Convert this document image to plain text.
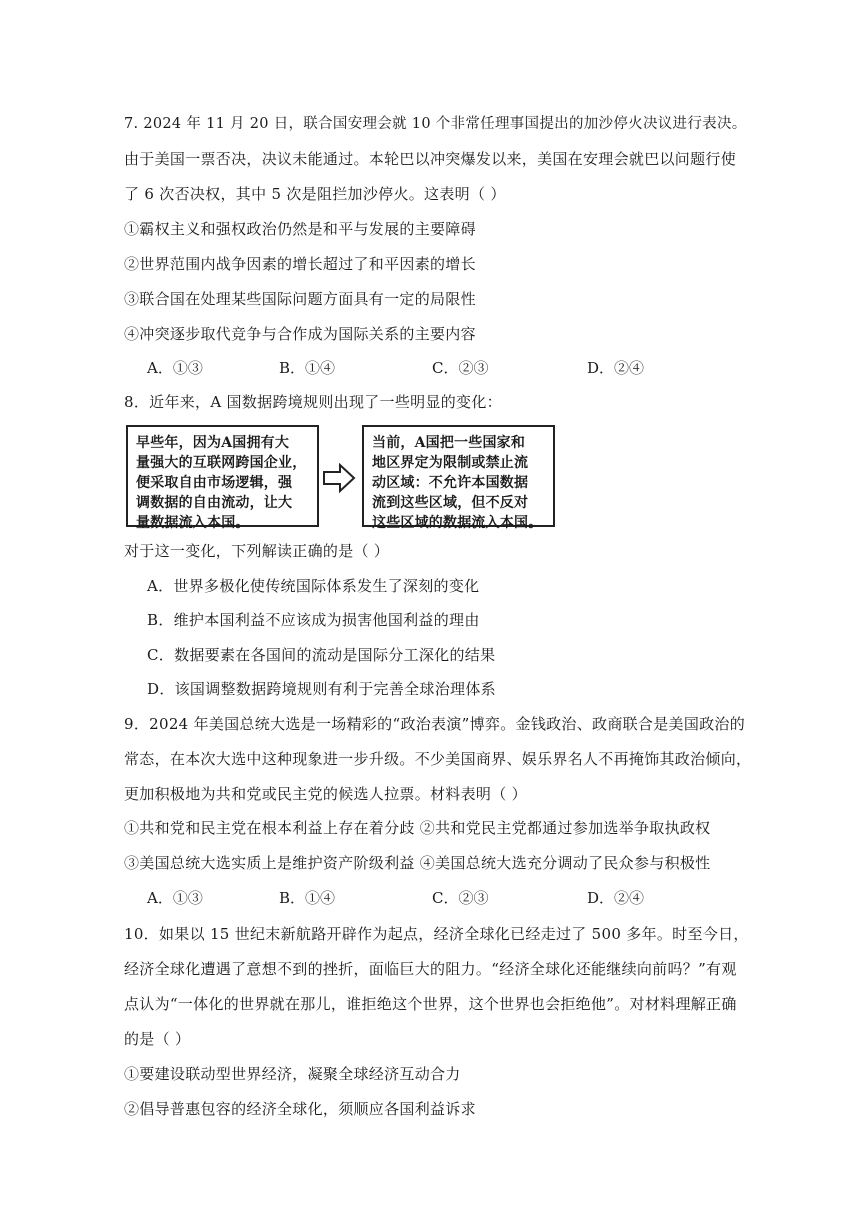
7. 2024 年 11 月 20 日，联合国安理会就 10 个非常任理事国提出的加沙停火决议进行表决。
由于美国一票否决，决议未能通过。本轮巴以冲突爆发以来，美国在安理会就巴以问题行使
了 6 次否决权，其中 5 次是阻拦加沙停火。这表明（ ）
①霸权主义和强权政治仍然是和平与发展的主要障碍
②世界范围内战争因素的增长超过了和平因素的增长
③联合国在处理某些国际问题方面具有一定的局限性
④冲突逐步取代竞争与合作成为国际关系的主要内容
A．①③	B．①④	C．②③	D．②④
8．近年来，A 国数据跨境规则出现了一些明显的变化：
早些年，因为A国拥有大
量强大的互联网跨国企业，
便采取自由市场逻辑，强
调数据的自由流动，让大
量数据流入本国。
当前，A国把一些国家和
地区界定为限制或禁止流
动区域：不允许本国数据
流到这些区域，但不反对
这些区域的数据流入本国。
对于这一变化，下列解读正确的是（ ）
A．世界多极化使传统国际体系发生了深刻的变化
B．维护本国利益不应该成为损害他国利益的理由
C．数据要素在各国间的流动是国际分工深化的结果
D．该国调整数据跨境规则有利于完善全球治理体系
9．2024 年美国总统大选是一场精彩的“政治表演”博弈。金钱政治、政商联合是美国政治的
常态，在本次大选中这种现象进一步升级。不少美国商界、娱乐界名人不再掩饰其政治倾向，
更加积极地为共和党或民主党的候选人拉票。材料表明（ ）
①共和党和民主党在根本利益上存在着分歧 ②共和党民主党都通过参加选举争取执政权
③美国总统大选实质上是维护资产阶级利益 ④美国总统大选充分调动了民众参与积极性
A．①③	B．①④	C．②③	D．②④
10．如果以 15 世纪末新航路开辟作为起点，经济全球化已经走过了 500 多年。时至今日，
经济全球化遭遇了意想不到的挫折，面临巨大的阻力。“经济全球化还能继续向前吗？”有观
点认为“一体化的世界就在那儿，谁拒绝这个世界，这个世界也会拒绝他”。对材料理解正确
的是（ ）
①要建设联动型世界经济，凝聚全球经济互动合力
②倡导普惠包容的经济全球化，须顺应各国利益诉求
